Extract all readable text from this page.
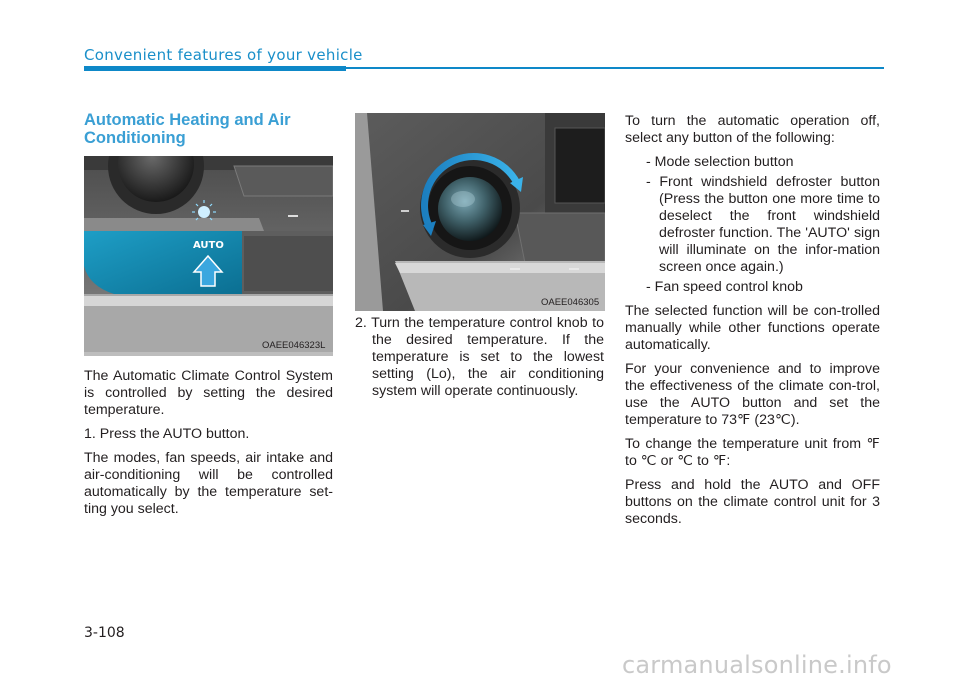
Convenient features of your vehicle
Automatic Heating and Air Conditioning
AUTO
OAEE046323L
OAEE046305

The Automatic Climate Control System is controlled by setting the desired temperature.

1. Press the AUTO button.

The modes, fan speeds, air intake and air-conditioning will be controlled automatically by the temperature set-ting you select.

2. Turn the temperature control knob to the desired temperature. If the temperature is set to the lowest setting (Lo), the air conditioning system will operate continuously.

To turn the automatic operation off, select any button of the following:

- Mode selection button

- Front windshield defroster button (Press the button one more time to deselect the front windshield defroster function. The 'AUTO' sign will illuminate on the infor-mation screen once again.)

- Fan speed control knob

The selected function will be con-trolled manually while other functions operate automatically.

For your convenience and to improve the effectiveness of the climate con-trol, use the AUTO button and set the temperature to 73℉ (23℃).

To change the temperature unit from ℉ to ℃ or ℃ to ℉:

Press and hold the AUTO and OFF buttons on the climate control unit for 3 seconds.

3-108
carmanualsonline.info
